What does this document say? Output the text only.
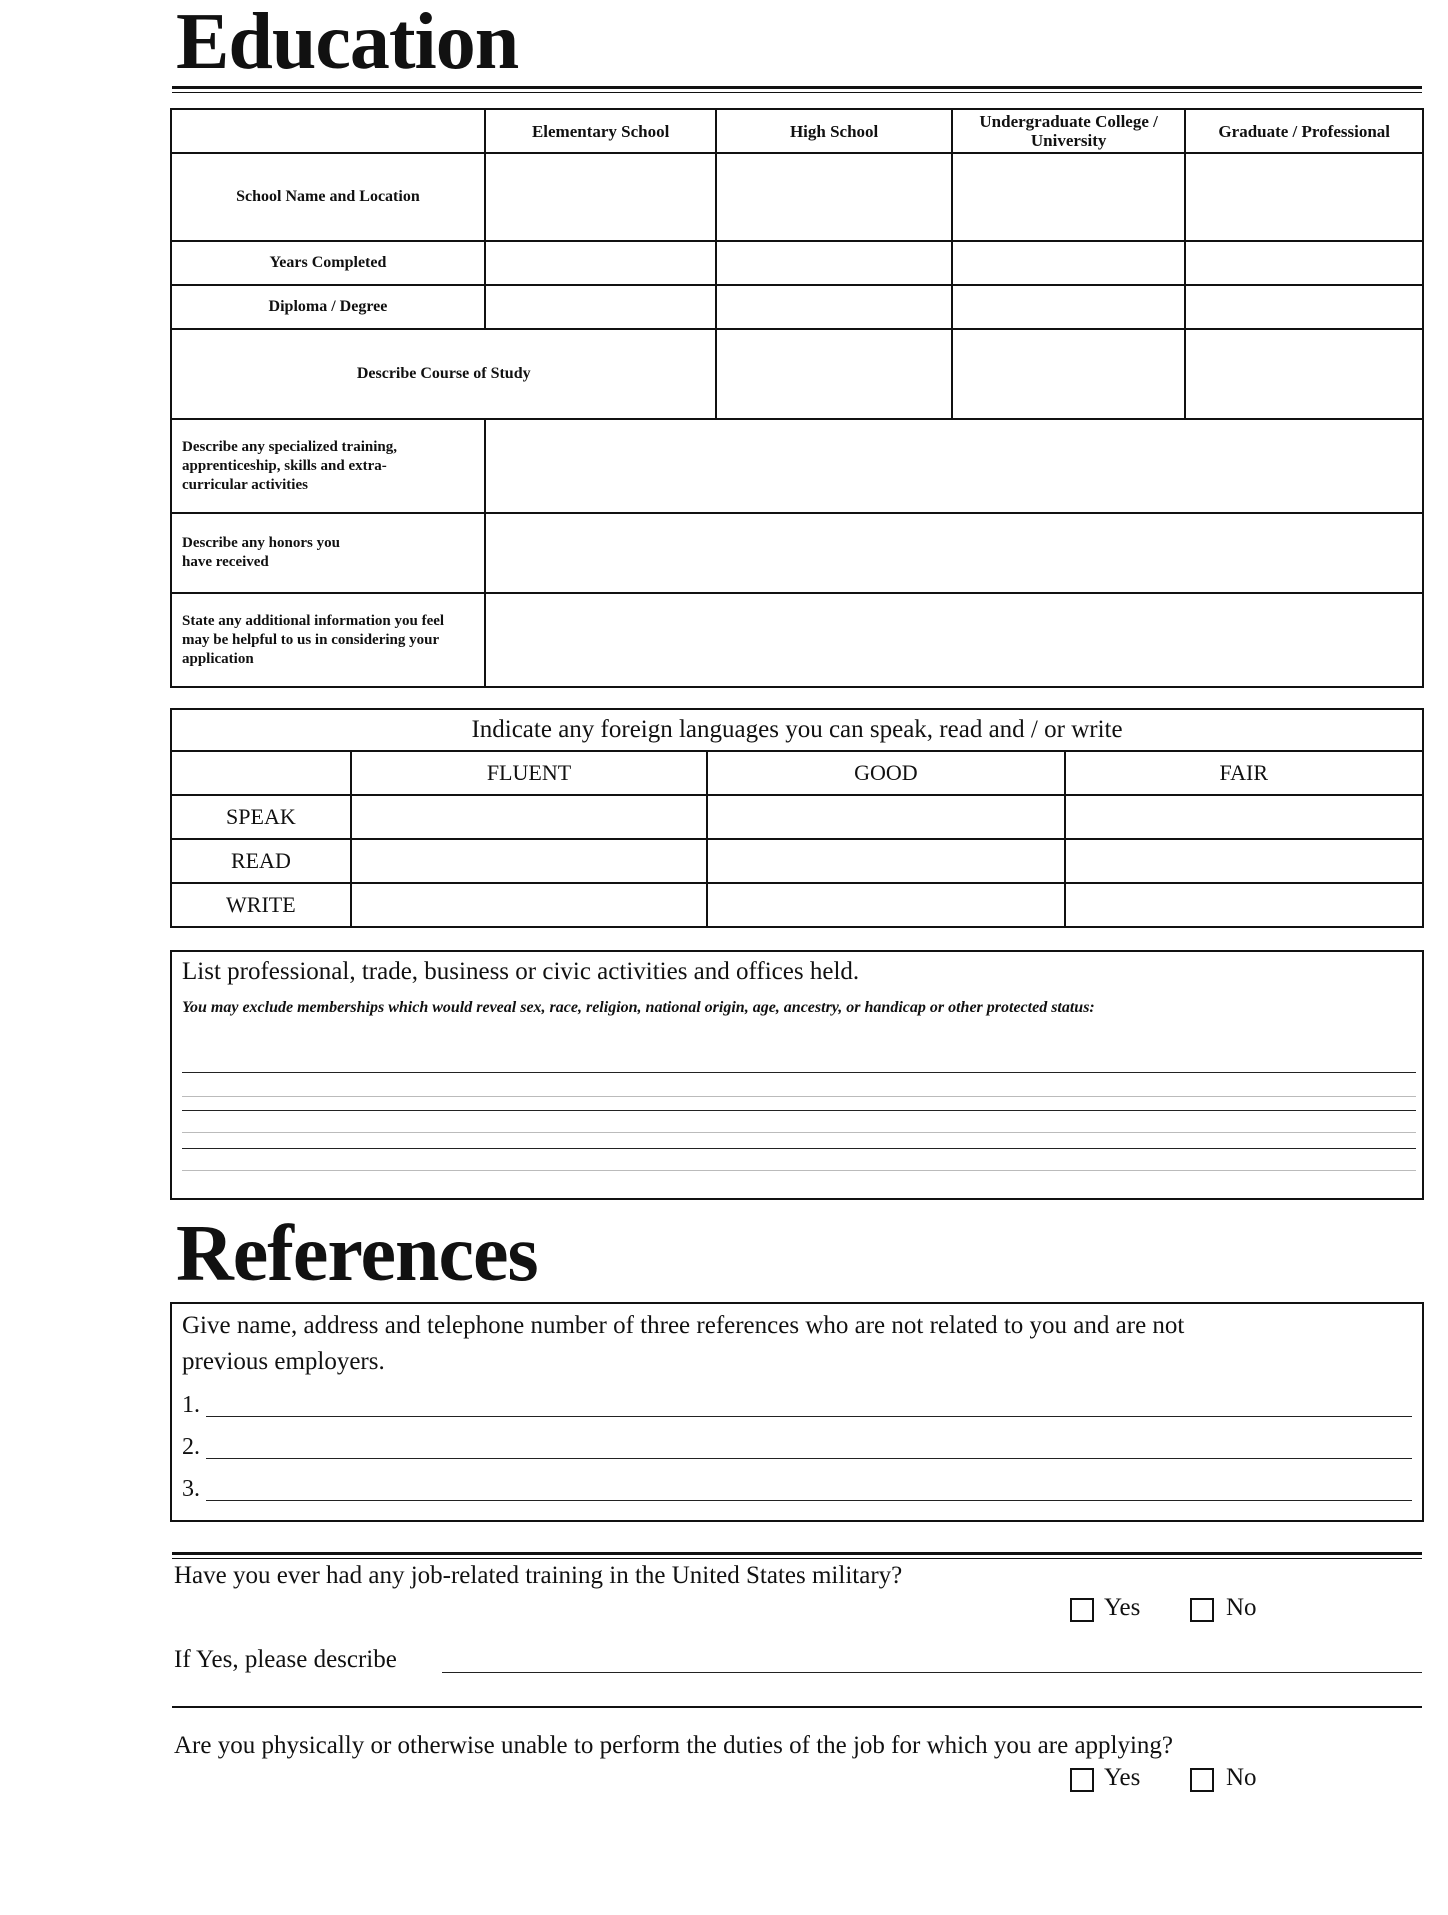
Education
	Elementary School	High School	Undergraduate College / University	Graduate / Professional
School Name and Location				
Years Completed				
Diploma / Degree				
Describe Course of Study				

Describe any specialized training, apprenticeship, skills and extra-curricular activities				

Describe any honors you have received				

State any additional information you feel may be helpful to us in considering your application				

Indicate any foreign languages you can speak, read and / or write			
	FLUENT	GOOD	FAIR
SPEAK			
READ			
WRITE			
List professional, trade, business or civic activities and offices held.
You may exclude memberships which would reveal sex, race, religion, national origin, age, ancestry, or handicap or other protected status:
References
Give name, address and telephone number of three references who are not related to you and are not
previous employers.
1.
2.
3.
Have you ever had any job-related training in the United States military?
Yes	No
If Yes, please describe
Are you physically or otherwise unable to perform the duties of the job for which you are applying?
Yes	No
